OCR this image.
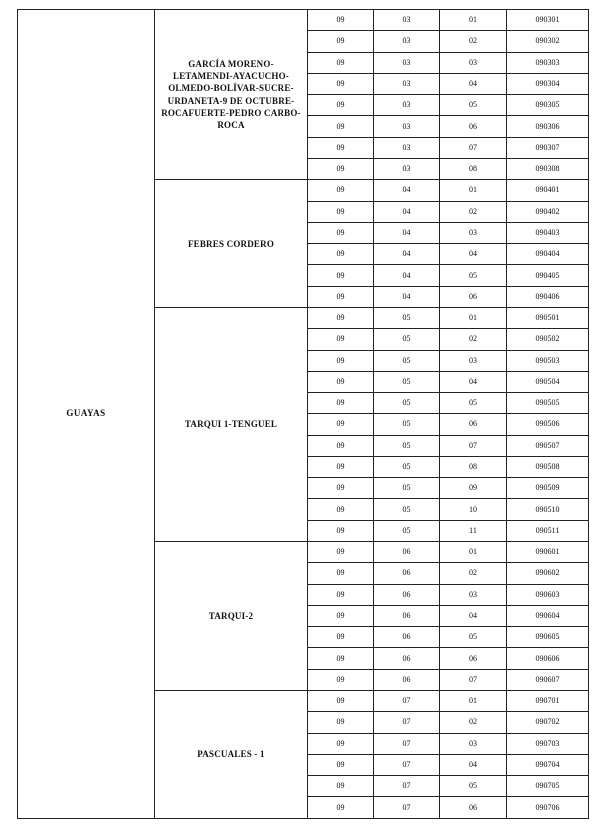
GUAYAS	GARCÍA MORENO-LETAMENDI-AYACUCHO-OLMEDO-BOLÍVAR-SUCRE-URDANETA-9 DE OCTUBRE-ROCAFUERTE-PEDRO CARBO-ROCA	09	03	01	090301
		09	03	02	090302
		09	03	03	090303
		09	03	04	090304
		09	03	05	090305
		09	03	06	090306
		09	03	07	090307
		09	03	08	090308
	FEBRES CORDERO	09	04	01	090401
		09	04	02	090402
		09	04	03	090403
		09	04	04	090404
		09	04	05	090405
		09	04	06	090406
	TARQUI 1-TENGUEL	09	05	01	090501
		09	05	02	090502
		09	05	03	090503
		09	05	04	090504
		09	05	05	090505
		09	05	06	090506
		09	05	07	090507
		09	05	08	090508
		09	05	09	090509
		09	05	10	090510
		09	05	11	090511
	TARQUI-2	09	06	01	090601
		09	06	02	090602
		09	06	03	090603
		09	06	04	090604
		09	06	05	090605
		09	06	06	090606
		09	06	07	090607
	PASCUALES - 1	09	07	01	090701
		09	07	02	090702
		09	07	03	090703
		09	07	04	090704
		09	07	05	090705
		09	07	06	090706
